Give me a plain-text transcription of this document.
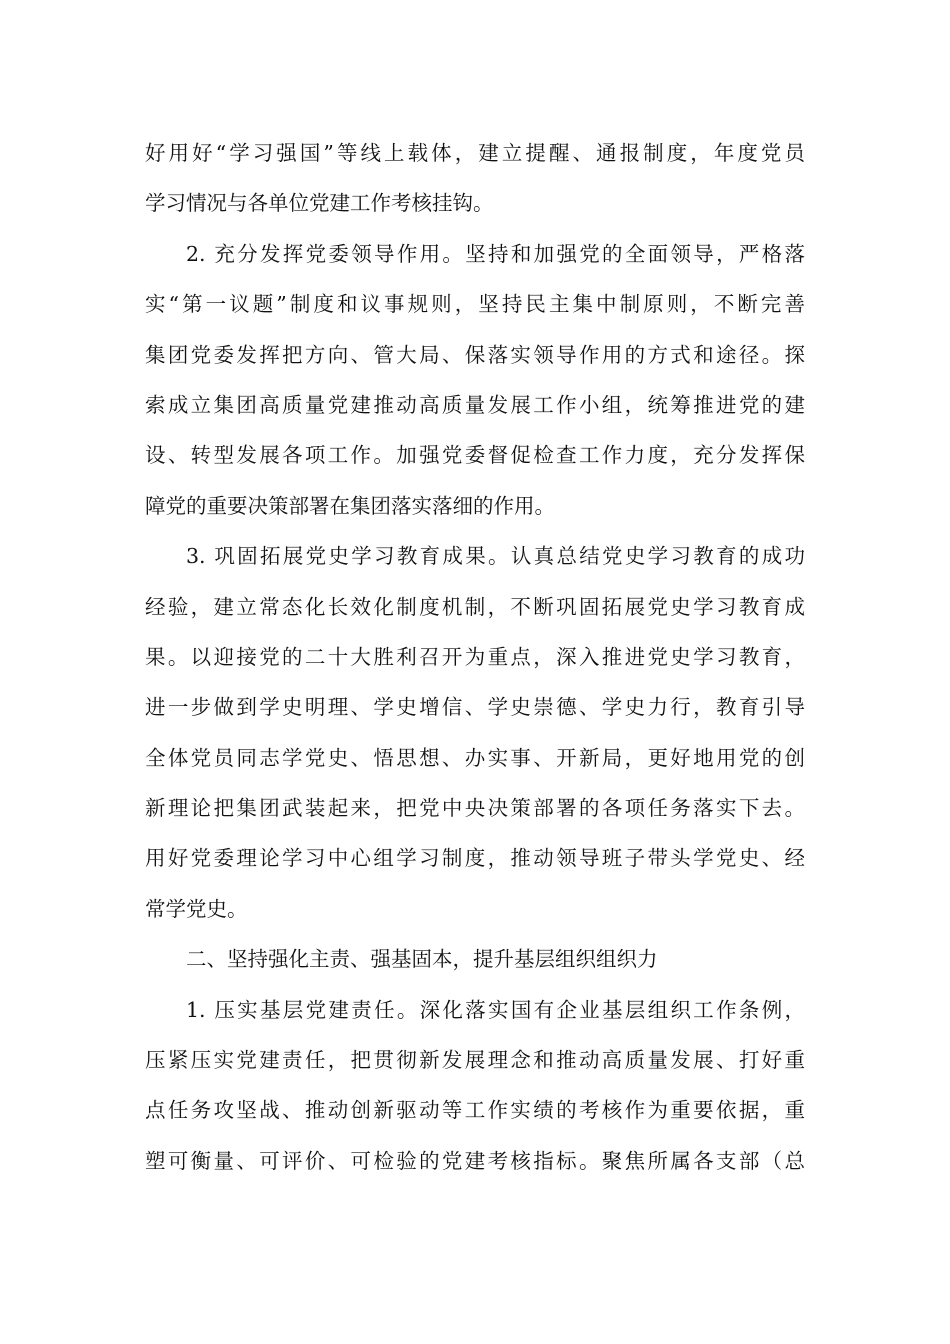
好用好“学习强国”等线上载体，建立提醒、通报制度，年度党员
学习情况与各单位党建工作考核挂钩。
2. 充分发挥党委领导作用。坚持和加强党的全面领导，严格落
实“第一议题”制度和议事规则，坚持民主集中制原则，不断完善
集团党委发挥把方向、管大局、保落实领导作用的方式和途径。探
索成立集团高质量党建推动高质量发展工作小组，统筹推进党的建
设、转型发展各项工作。加强党委督促检查工作力度，充分发挥保
障党的重要决策部署在集团落实落细的作用。
3. 巩固拓展党史学习教育成果。认真总结党史学习教育的成功
经验，建立常态化长效化制度机制，不断巩固拓展党史学习教育成
果。以迎接党的二十大胜利召开为重点，深入推进党史学习教育，
进一步做到学史明理、学史增信、学史崇德、学史力行，教育引导
全体党员同志学党史、悟思想、办实事、开新局，更好地用党的创
新理论把集团武装起来，把党中央决策部署的各项任务落实下去。
用好党委理论学习中心组学习制度，推动领导班子带头学党史、经
常学党史。
二、坚持强化主责、强基固本，提升基层组织组织力
1. 压实基层党建责任。深化落实国有企业基层组织工作条例，
压紧压实党建责任，把贯彻新发展理念和推动高质量发展、打好重
点任务攻坚战、推动创新驱动等工作实绩的考核作为重要依据，重
塑可衡量、可评价、可检验的党建考核指标。聚焦所属各支部（总
